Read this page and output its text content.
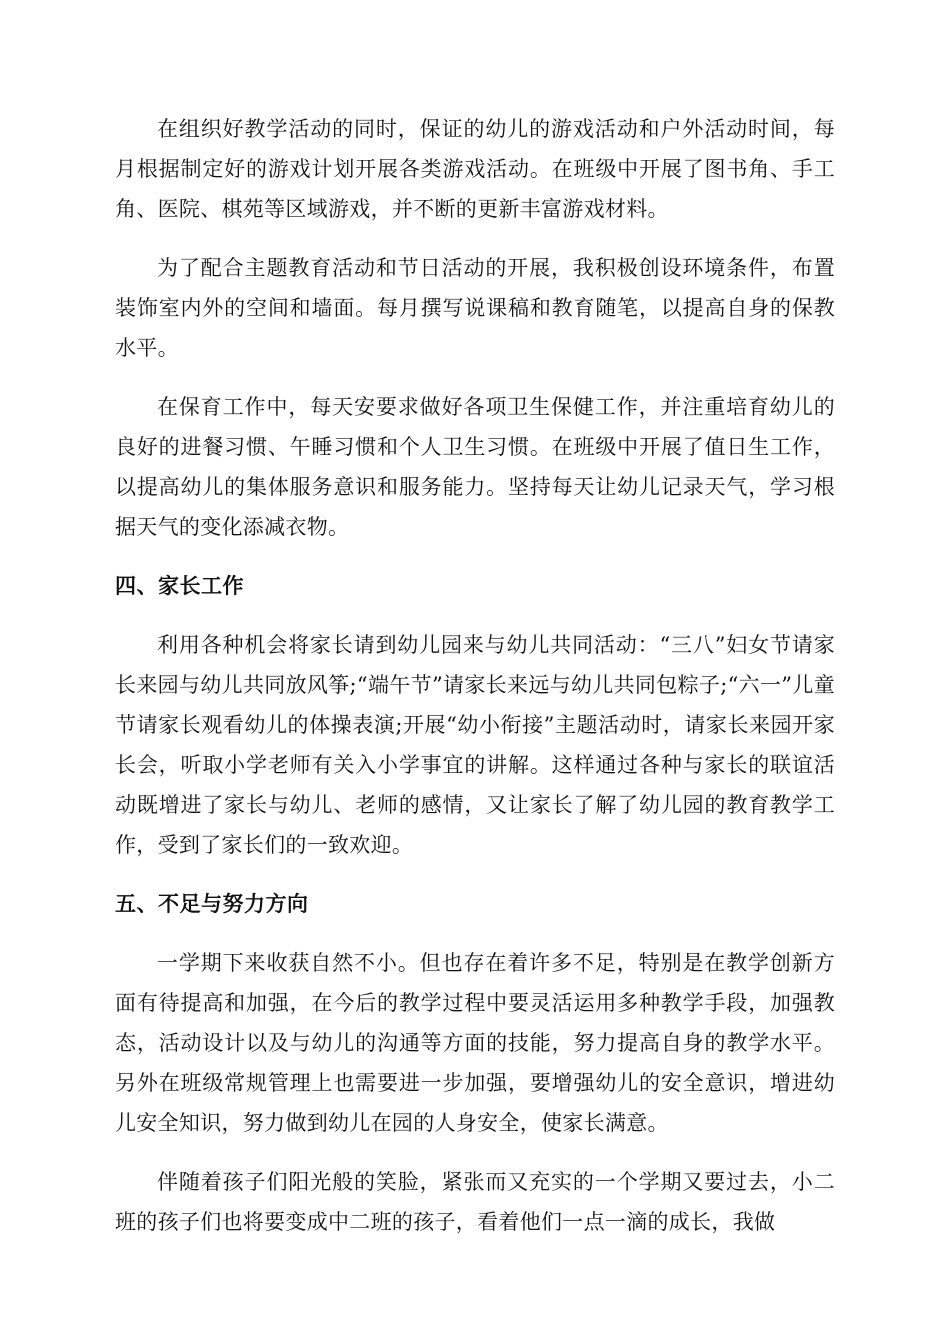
在组织好教学活动的同时，保证的幼儿的游戏活动和户外活动时间，每月根据制定好的游戏计划开展各类游戏活动。在班级中开展了图书角、手工角、医院、棋苑等区域游戏，并不断的更新丰富游戏材料。

为了配合主题教育活动和节日活动的开展，我积极创设环境条件，布置装饰室内外的空间和墙面。每月撰写说课稿和教育随笔，以提高自身的保教水平。

在保育工作中，每天安要求做好各项卫生保健工作，并注重培育幼儿的良好的进餐习惯、午睡习惯和个人卫生习惯。在班级中开展了值日生工作，以提高幼儿的集体服务意识和服务能力。坚持每天让幼儿记录天气，学习根据天气的变化添减衣物。

四、家长工作

利用各种机会将家长请到幼儿园来与幼儿共同活动：“三八”妇女节请家长来园与幼儿共同放风筝;“端午节”请家长来远与幼儿共同包粽子;“六一”儿童节请家长观看幼儿的体操表演;开展“幼小衔接”主题活动时，请家长来园开家长会，听取小学老师有关入小学事宜的讲解。这样通过各种与家长的联谊活动既增进了家长与幼儿、老师的感情，又让家长了解了幼儿园的教育教学工作，受到了家长们的一致欢迎。

五、不足与努力方向

一学期下来收获自然不小。但也存在着许多不足，特别是在教学创新方面有待提高和加强，在今后的教学过程中要灵活运用多种教学手段，加强教态，活动设计以及与幼儿的沟通等方面的技能，努力提高自身的教学水平。另外在班级常规管理上也需要进一步加强，要增强幼儿的安全意识，增进幼儿安全知识，努力做到幼儿在园的人身安全，使家长满意。

伴随着孩子们阳光般的笑脸，紧张而又充实的一个学期又要过去，小二班的孩子们也将要变成中二班的孩子，看着他们一点一滴的成长，我做
